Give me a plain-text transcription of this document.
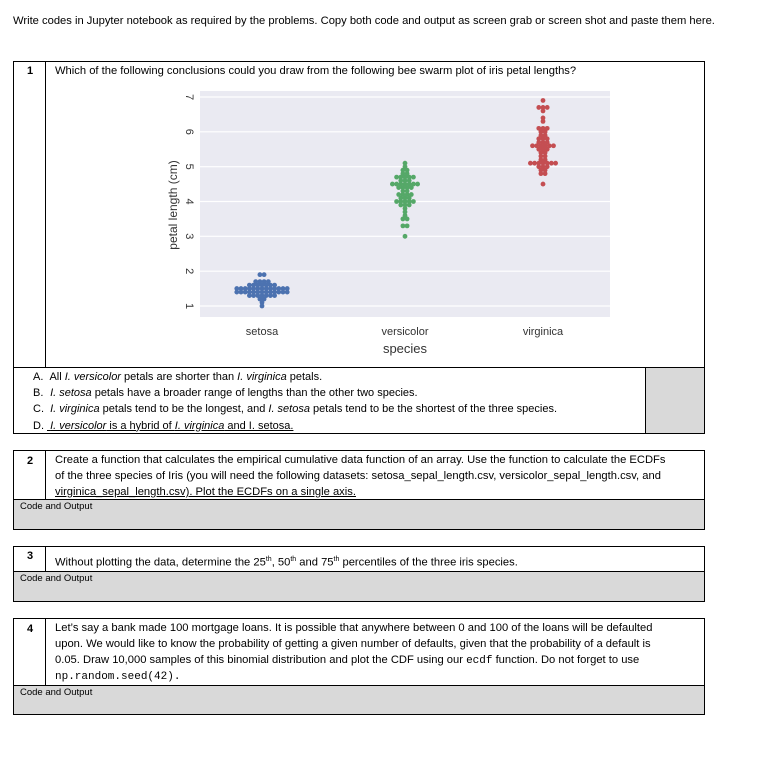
Write codes in Jupyter notebook as required by the problems. Copy both code and output as screen grab or screen shot and paste them here.
1 Which of the following conclusions could you draw from the following bee swarm plot of iris petal lengths?
1
2
3
4
5
6
7
setosa	versicolor	virginica
petal length (cm)
species
A. All I. versicolor petals are shorter than I. virginica petals.
B. I. setosa petals have a broader range of lengths than the other two species.
C. I. virginica petals tend to be the longest, and I. setosa petals tend to be the shortest of the three species.
D. I. versicolor is a hybrid of I. virginica and I. setosa.
2 Create a function that calculates the empirical cumulative data function of an array. Use the function to calculate the ECDFs
of the three species of Iris (you will need the following datasets: setosa_sepal_length.csv, versicolor_sepal_length.csv, and
virginica_sepal_length.csv). Plot the ECDFs on a single axis.
Code and Output
3
Without plotting the data, determine the 25th, 50th and 75th percentiles of the three iris species.
Code and Output
4 Let’s say a bank made 100 mortgage loans. It is possible that anywhere between 0 and 100 of the loans will be defaulted
upon. We would like to know the probability of getting a given number of defaults, given that the probability of a default is
0.05. Draw 10,000 samples of this binomial distribution and plot the CDF using our ecdf function. Do not forget to use
np.random.seed(42).
Code and Output
